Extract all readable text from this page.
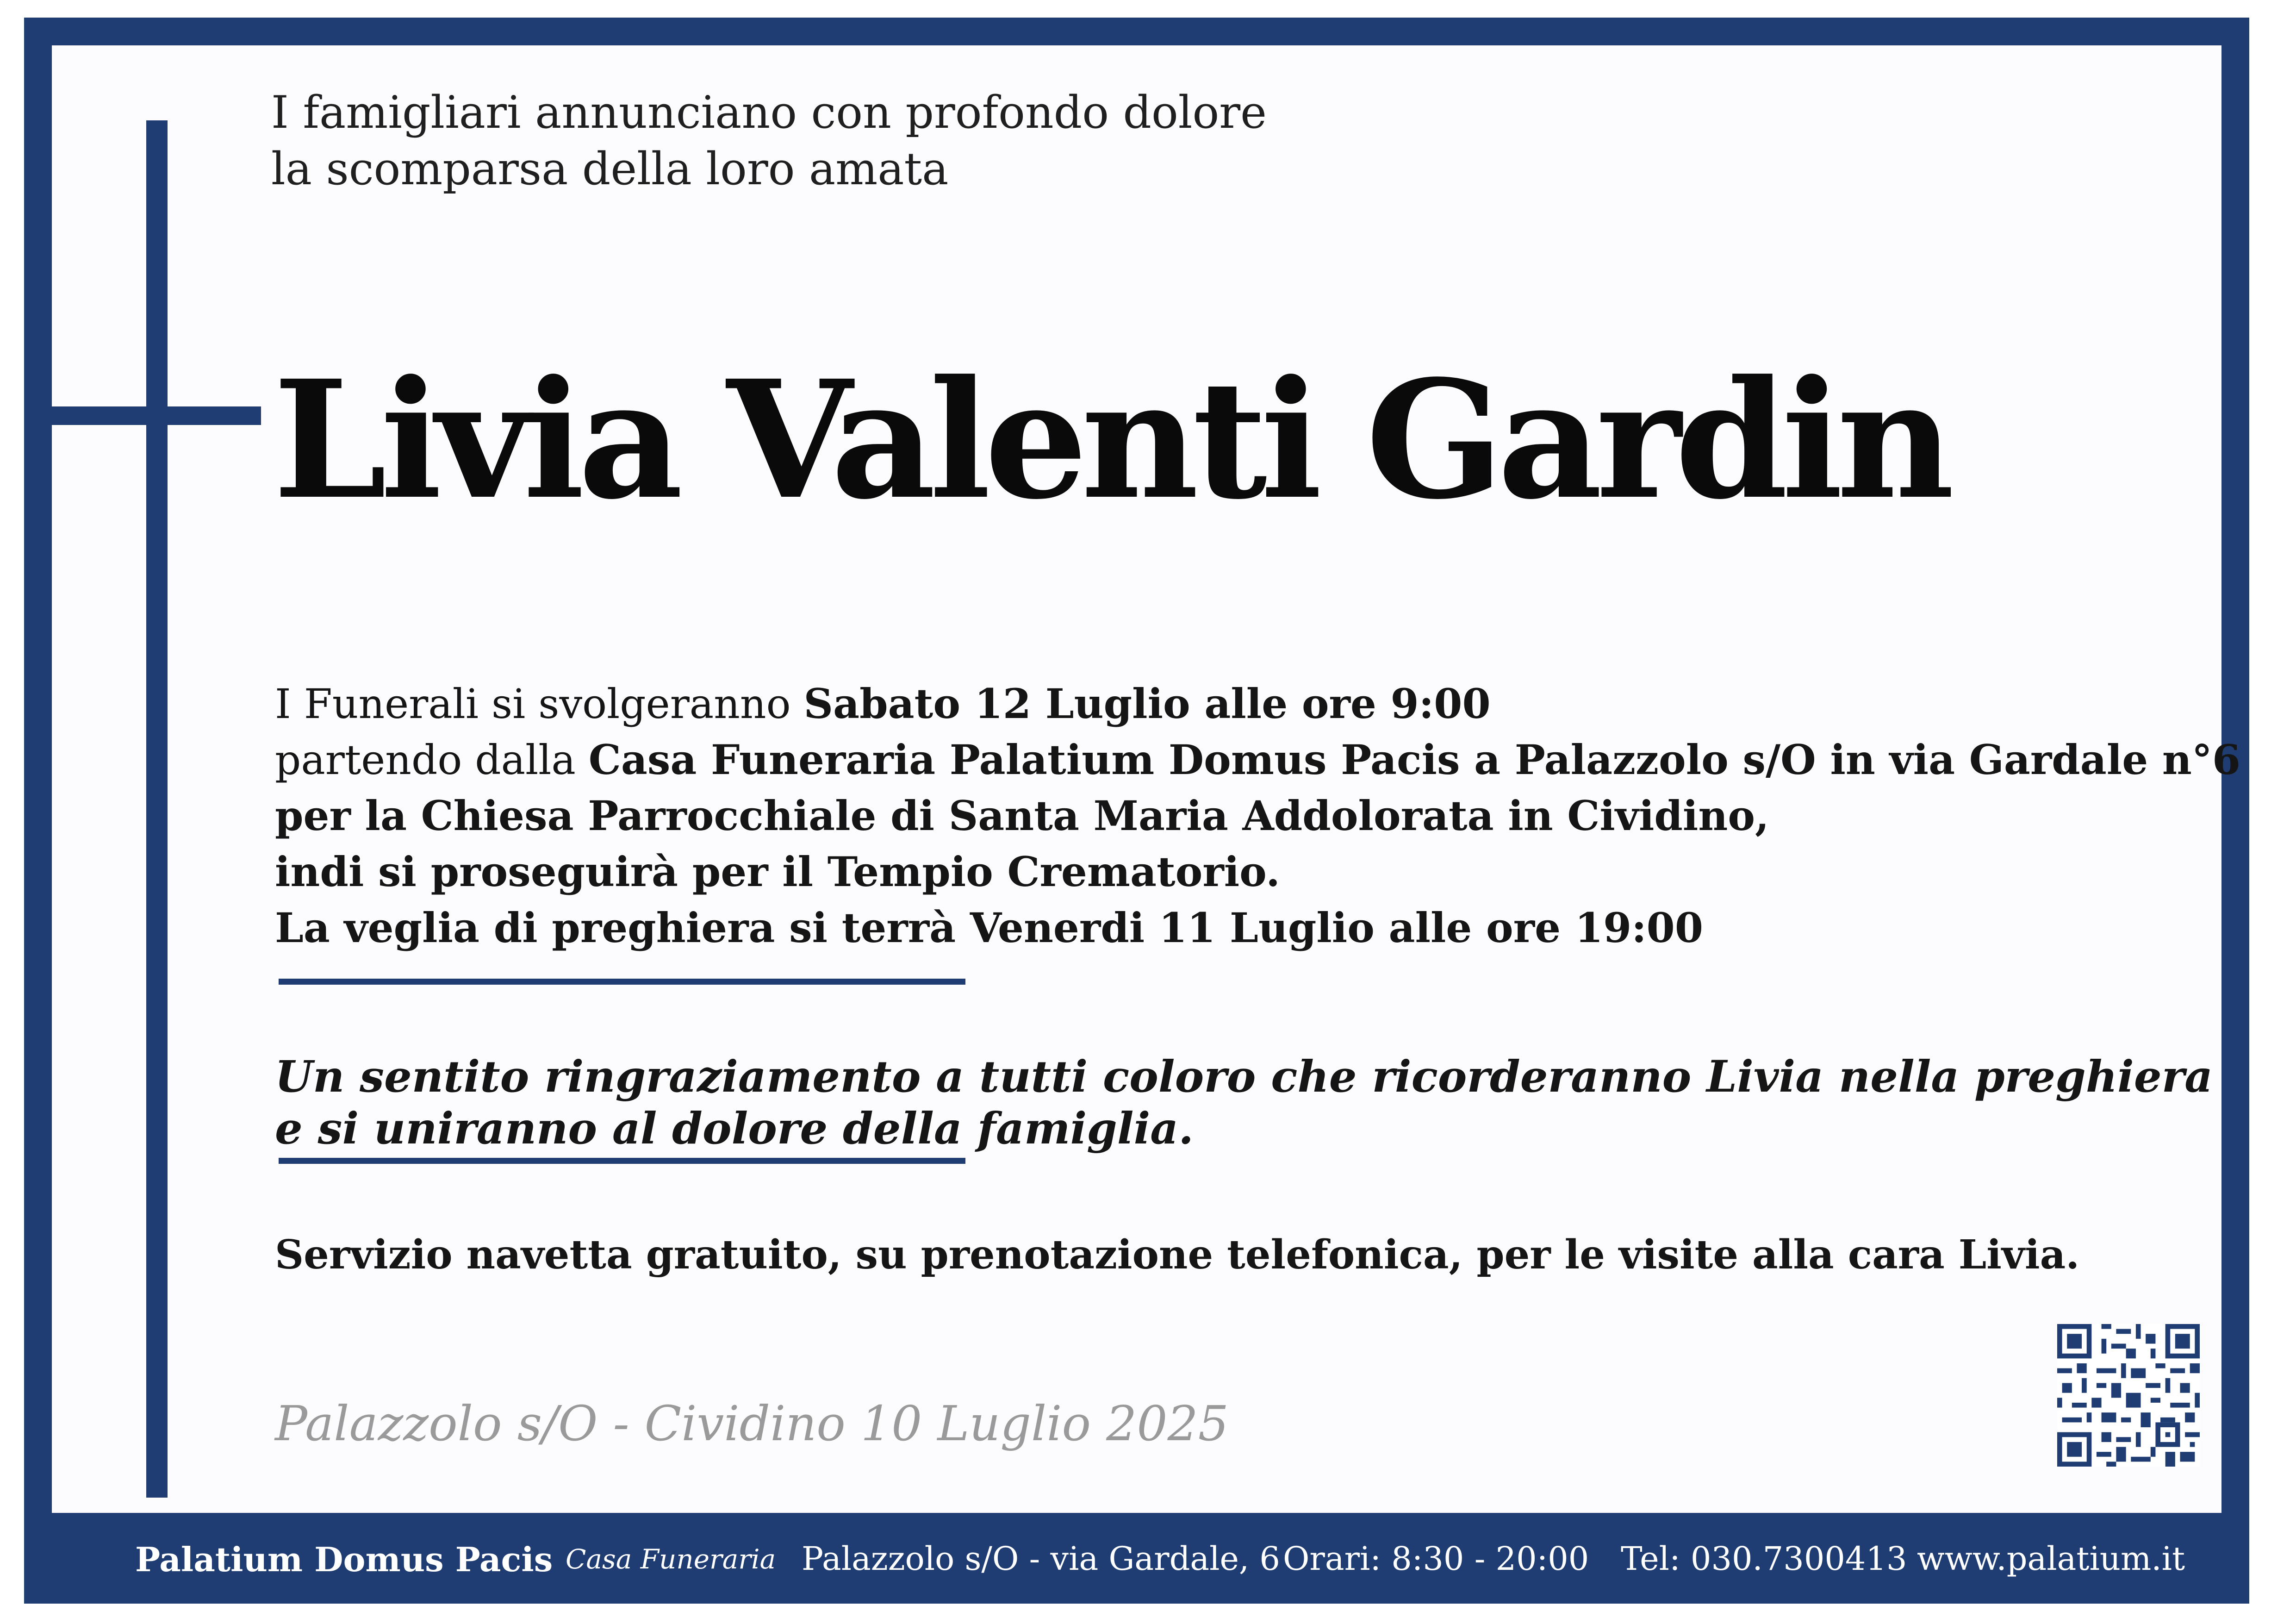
I famigliari annunciano con profondo dolore
la scomparsa della loro amata
Livia Valenti Gardin
I Funerali si svolgeranno Sabato 12 Luglio alle ore 9:00
partendo dalla Casa Funeraria Palatium Domus Pacis a Palazzolo s/O in via Gardale n°6
per la Chiesa Parrocchiale di Santa Maria Addolorata in Cividino,
indi si proseguirà per il Tempio Crematorio.
La veglia di preghiera si terrà Venerdi 11 Luglio alle ore 19:00
Un sentito ringraziamento a tutti coloro che ricorderanno Livia nella preghiera
e si uniranno al dolore della famiglia.
Servizio navetta gratuito, su prenotazione telefonica, per le visite alla cara Livia.
Palazzolo s/O - Cividino 10 Luglio 2025
Palatium Domus Pacis Casa Funeraria Palazzolo s/O - via Gardale, 6 Orari: 8:30 - 20:00 Tel: 030.7300413 www.palatium.it
